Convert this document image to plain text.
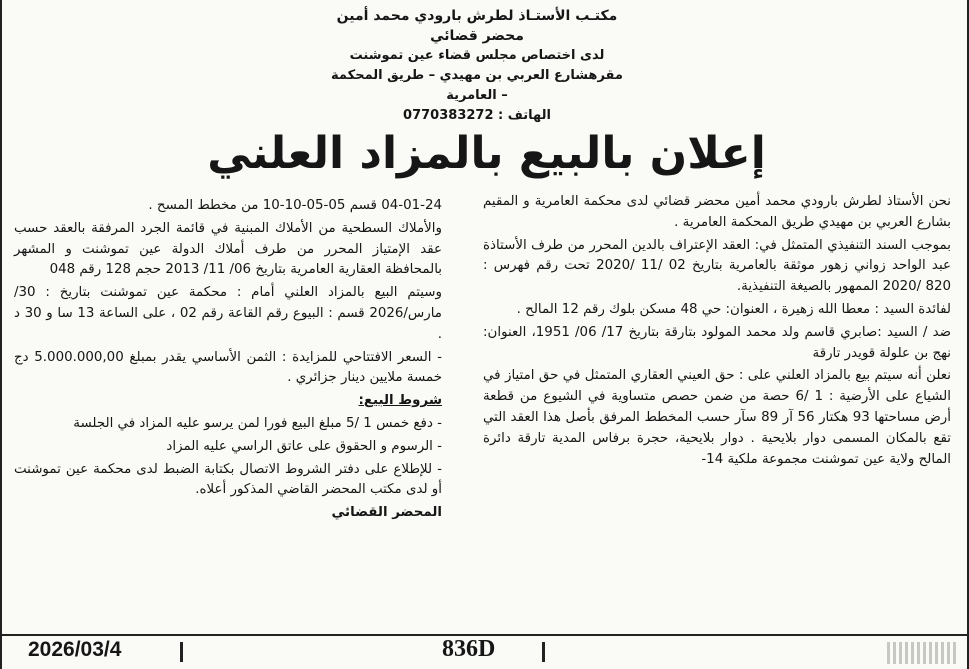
مكتـب الأستـاذ لطرش بارودي محمد أمين محضر قضائي
لدى اختصاص مجلس قضاء عين تموشنت
مقرهشارع العربي بن مهيدي – طريق المحكمة – العامرية
الهاتف : 0770383272
إعلان بالبيع بالمزاد العلني

نحن الأستاذ لطرش بارودي محمد أمين محضر قضائي لدى محكمة العامرية و المقيم بشارع العربي بن مهيدي طريق المحكمة العامرية .

بموجب السند التنفيذي المتمثل في: العقد الإعتراف بالدين المحرر من طرف الأستاذة عبد الواحد زواني زهور موثقة بالعامرية بتاريخ 02 /11 /2020 تحت رقم فهرس : 820 /2020 الممهور بالصيغة التنفيذية.

لفائدة السيد : معطا الله زهيرة ، العنوان: حي 48 مسكن بلوك رقم 12 المالح .

ضد / السيد :صابري قاسم ولد محمد المولود بتارقة بتاريخ 17/ 06/ 1951، العنوان: نهج بن علولة قويدر تارقة

نعلن أنه سيتم بيع بالمزاد العلني على : حق العيني العقاري المتمثل في حق امتياز في الشياع على الأرضية : 1 /6 حصة من ضمن حصص متساوية في الشيوع من قطعة أرض مساحتها 93 هكتار 56 آر 89 سآر حسب المخطط المرفق بأصل هذا العقد التي تقع بالمكان المسمى دوار بلايحية . دوار بلايحية، حجرة برفاس المدية تارقة دائرة المالح ولاية عين تموشنت مجموعة ملكية 14-

04-01-24 قسم 05-05-10-10 من مخطط المسح .

والأملاك السطحية من الأملاك المبنية في قائمة الجرد المرفقة بالعقد حسب عقد الإمتياز المحرر من طرف أملاك الدولة عين تموشنت و المشهر بالمحافظة العقارية العامرية بتاريخ 06/ 11/ 2013 حجم 128 رقم 048

وسيتم البيع بالمزاد العلني أمام : محكمة عين تموشنت بتاريخ : 30/مارس/2026 قسم : البيوع رقم القاعة رقم 02 ، على الساعة 13 سا و 30 د .

- السعر الافتتاحي للمزايدة : الثمن الأساسي يقدر بمبلغ 5.000.000,00 دج خمسة ملايين دينار جزائري .

شروط البيع:

- دفع خمس 1 /5 مبلغ البيع فورا لمن يرسو عليه المزاد في الجلسة

- الرسوم و الحقوق على عاتق الراسي عليه المزاد

- للإطلاع على دفتر الشروط الاتصال بكتابة الضبط لدى محكمة عين تموشنت أو لدى مكتب المحضر القاضي المذكور أعلاه.

المحضر القضائي

2026/03/4	836D
